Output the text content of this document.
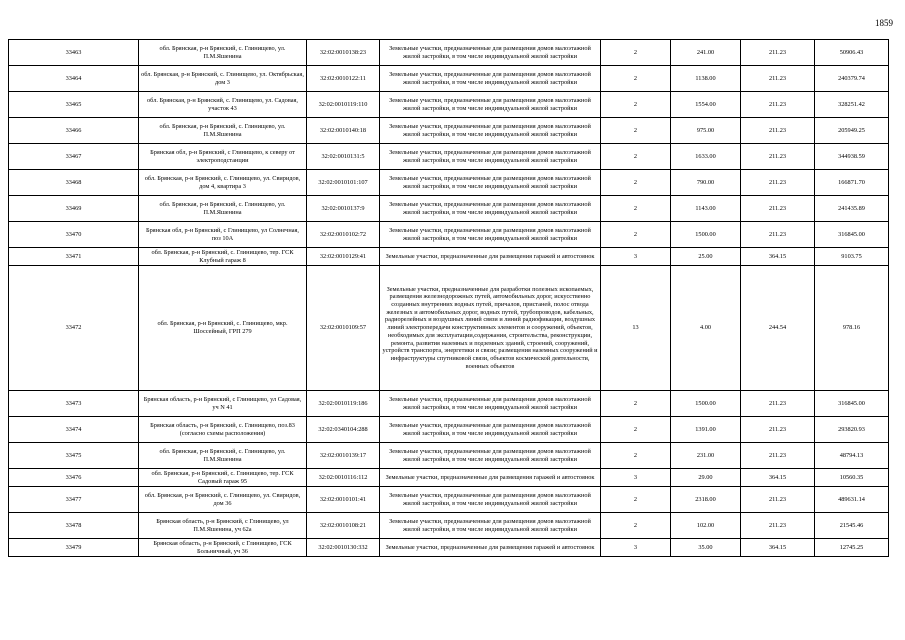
1859
33463	обл. Брянская, р-н Брянский, с. Глинищево, ул. П.М.Яшенина	32:02:0010138:23	Земельные участки, предназначенные для размещения домов малоэтажной жилой застройки, в том числе индивидуальной жилой застройки	2	241.00	211.23	50906.43
33464	обл. Брянская, р-н Брянский, с. Глинищево, ул. Октябрьская, дом 3	32:02:0010122:11	Земельные участки, предназначенные для размещения домов малоэтажной жилой застройки, в том числе индивидуальной жилой застройки	2	1138.00	211.23	240379.74
33465	обл. Брянская, р-н Брянский, с. Глинищево, ул. Садовая, участок 43	32:02:0010119:110	Земельные участки, предназначенные для размещения домов малоэтажной жилой застройки, в том числе индивидуальной жилой застройки	2	1554.00	211.23	328251.42
33466	обл. Брянская, р-н Брянский, с. Глинищево, ул. П.М.Яшенина	32:02:0010140:18	Земельные участки, предназначенные для размещения домов малоэтажной жилой застройки, в том числе индивидуальной жилой застройки	2	975.00	211.23	205949.25
33467	Брянская обл, р-н Брянский, с Глинищево, к северу от электроподстанции	32:02:0010131:5	Земельные участки, предназначенные для размещения домов малоэтажной жилой застройки, в том числе индивидуальной жилой застройки	2	1633.00	211.23	344938.59
33468	обл. Брянская, р-н Брянский, с. Глинищево, ул. Свиридов, дом 4, квартира 3	32:02:0010101:107	Земельные участки, предназначенные для размещения домов малоэтажной жилой застройки, в том числе индивидуальной жилой застройки	2	790.00	211.23	166871.70
33469	обл. Брянская, р-н Брянский, с. Глинищево, ул. П.М.Яшенина	32:02:0010137:9	Земельные участки, предназначенные для размещения домов малоэтажной жилой застройки, в том числе индивидуальной жилой застройки	2	1143.00	211.23	241435.89
33470	Брянская обл, р-н Брянский, с Глинищево, ул Солнечная, поз 10А	32:02:0010102:72	Земельные участки, предназначенные для размещения домов малоэтажной жилой застройки, в том числе индивидуальной жилой застройки	2	1500.00	211.23	316845.00
33471	обл. Брянская, р-н Брянский, с. Глинищево, тер. ГСК Клубный гараж 8	32:02:0010129:41	Земельные участки, предназначенные для размещения гаражей и автостоянок	3	25.00	364.15	9103.75
33472	обл. Брянская, р-н Брянский, с. Глинищево, мкр. Шоссейный, ГРП 279	32:02:0010109:57	Земельные участки, предназначенные для разработки полезных ископаемых, размещения железнодорожных путей, автомобильных дорог, искусственно созданных внутренних водных путей, причалов, пристаней, полос отвода железных и автомобильных дорог, водных путей, трубопроводов, кабельных, радиорелейных и воздушных линий связи и линий радиофикации, воздушных линий электропередачи конструктивных элементов и сооружений, объектов, необходимых для эксплуатации,содержания, строительства, реконструкции, ремонта, развития наземных и подземных зданий, строений, сооружений, устройств транспорта, энергетики и связи; размещения наземных сооружений и инфраструктуры спутниковой связи, объектов космической деятельности, военных объектов	13	4.00	244.54	978.16
33473	Брянская область, р-н Брянский, с Глинищево, ул Садовая, уч N 41	32:02:0010119:186	Земельные участки, предназначенные для размещения домов малоэтажной жилой застройки, в том числе индивидуальной жилой застройки	2	1500.00	211.23	316845.00
33474	Брянская область, р-н Брянский, с. Глинищево, поз.83 (согласно схемы расположения)	32:02:0340104:288	Земельные участки, предназначенные для размещения домов малоэтажной жилой застройки, в том числе индивидуальной жилой застройки	2	1391.00	211.23	293820.93
33475	обл. Брянская, р-н Брянский, с. Глинищево, ул. П.М.Яшенина	32:02:0010139:17	Земельные участки, предназначенные для размещения домов малоэтажной жилой застройки, в том числе индивидуальной жилой застройки	2	231.00	211.23	48794.13
33476	обл. Брянская, р-н Брянский, с. Глинищево, тер. ГСК Садовый гараж 95	32:02:0010116:112	Земельные участки, предназначенные для размещения гаражей и автостоянок	3	29.00	364.15	10560.35
33477	обл. Брянская, р-н Брянский, с. Глинищево, ул. Свиридов, дом 36	32:02:0010101:41	Земельные участки, предназначенные для размещения домов малоэтажной жилой застройки, в том числе индивидуальной жилой застройки	2	2318.00	211.23	489631.14
33478	Брянская область, р-н Брянский, с Глинищево, ул П.М.Яшенина, уч 62а	32:02:0010108:21	Земельные участки, предназначенные для размещения домов малоэтажной жилой застройки, в том числе индивидуальной жилой застройки	2	102.00	211.23	21545.46
33479	Брянская область, р-н Брянский, с Глинищево, ГСК Больничный, уч 36	32:02:0010130:332	Земельные участки, предназначенные для размещения гаражей и автостоянок	3	35.00	364.15	12745.25
